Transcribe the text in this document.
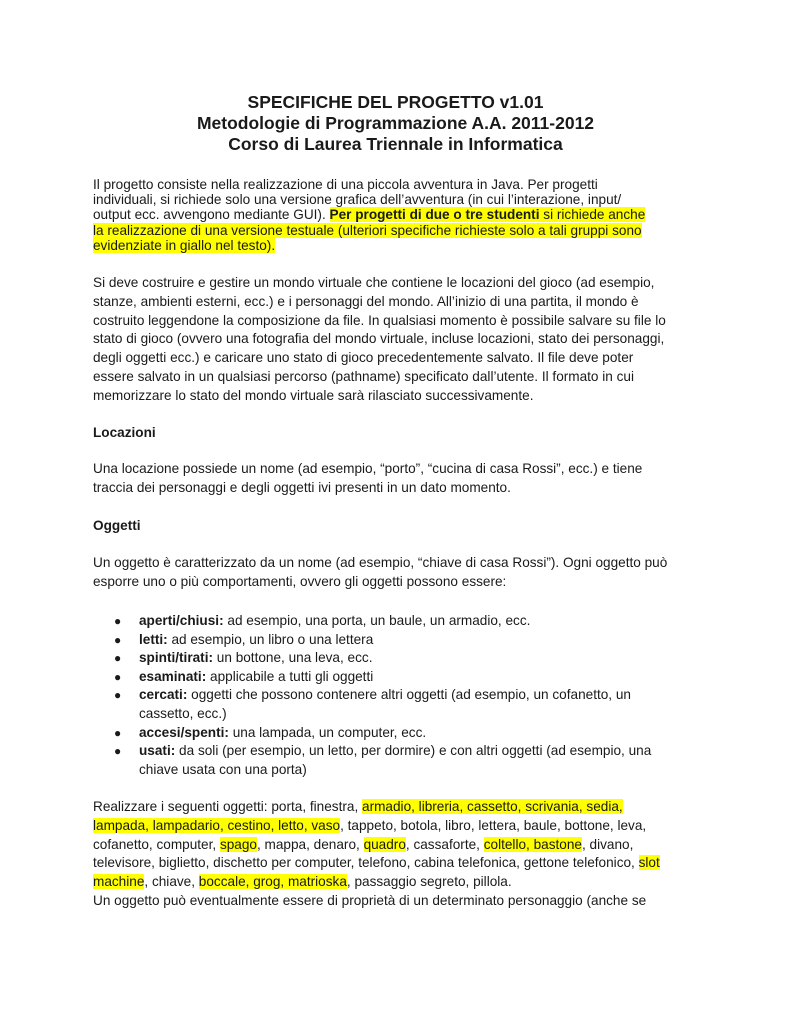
SPECIFICHE DEL PROGETTO v1.01
Metodologie di Programmazione A.A. 2011-2012
Corso di Laurea Triennale in Informatica
Il progetto consiste nella realizzazione di una piccola avventura in Java. Per progetti
individuali, si richiede solo una versione grafica dell’avventura (in cui l’interazione, input/
output ecc. avvengono mediante GUI). Per progetti di due o tre studenti si richiede anche
la realizzazione di una versione testuale (ulteriori specifiche richieste solo a tali gruppi sono
evidenziate in giallo nel testo).
Si deve costruire e gestire un mondo virtuale che contiene le locazioni del gioco (ad esempio,
stanze, ambienti esterni, ecc.) e i personaggi del mondo. All’inizio di una partita, il mondo è
costruito leggendone la composizione da file. In qualsiasi momento è possibile salvare su file lo
stato di gioco (ovvero una fotografia del mondo virtuale, incluse locazioni, stato dei personaggi,
degli oggetti ecc.) e caricare uno stato di gioco precedentemente salvato. Il file deve poter
essere salvato in un qualsiasi percorso (pathname) specificato dall’utente. Il formato in cui
memorizzare lo stato del mondo virtuale sarà rilasciato successivamente.
Locazioni
Una locazione possiede un nome (ad esempio, “porto”, “cucina di casa Rossi”, ecc.) e tiene
traccia dei personaggi e degli oggetti ivi presenti in un dato momento.
Oggetti
Un oggetto è caratterizzato da un nome (ad esempio, “chiave di casa Rossi”). Ogni oggetto può
esporre uno o più comportamenti, ovvero gli oggetti possono essere:
● aperti/chiusi: ad esempio, una porta, un baule, un armadio, ecc.
● letti: ad esempio, un libro o una lettera
● spinti/tirati: un bottone, una leva, ecc.
● esaminati: applicabile a tutti gli oggetti
● cercati: oggetti che possono contenere altri oggetti (ad esempio, un cofanetto, un
cassetto, ecc.)
● accesi/spenti: una lampada, un computer, ecc.
● usati: da soli (per esempio, un letto, per dormire) e con altri oggetti (ad esempio, una
chiave usata con una porta)
Realizzare i seguenti oggetti: porta, finestra, armadio, libreria, cassetto, scrivania, sedia,
lampada, lampadario, cestino, letto, vaso, tappeto, botola, libro, lettera, baule, bottone, leva,
cofanetto, computer, spago, mappa, denaro, quadro, cassaforte, coltello, bastone, divano,
televisore, biglietto, dischetto per computer, telefono, cabina telefonica, gettone telefonico, slot
machine, chiave, boccale, grog, matrioska, passaggio segreto, pillola.
Un oggetto può eventualmente essere di proprietà di un determinato personaggio (anche se
